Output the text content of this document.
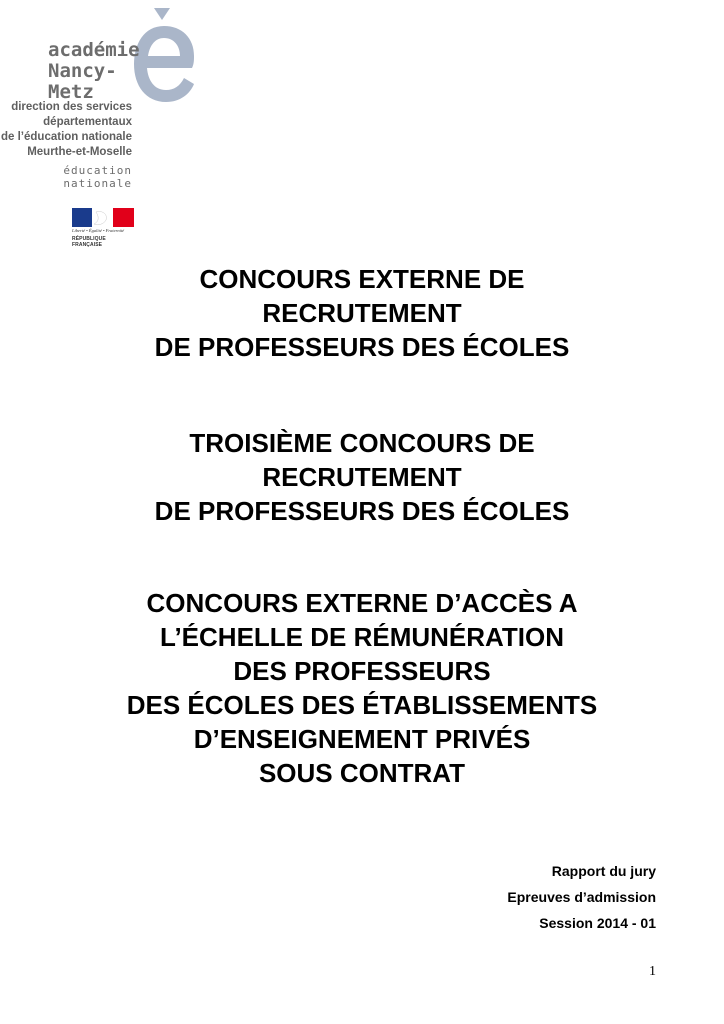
académie
Nancy-Metz
direction des services
départementaux
de l’éducation nationale
Meurthe-et-Moselle
éducation
nationale
Liberté • Égalité • Fraternité
RÉPUBLIQUE FRANÇAISE
CONCOURS EXTERNE DE
RECRUTEMENT
DE PROFESSEURS DES ÉCOLES
TROISIÈME CONCOURS DE
RECRUTEMENT
DE PROFESSEURS DES ÉCOLES
CONCOURS EXTERNE D’ACCÈS A
L’ÉCHELLE DE RÉMUNÉRATION
DES PROFESSEURS
DES ÉCOLES DES ÉTABLISSEMENTS
D’ENSEIGNEMENT PRIVÉS
SOUS CONTRAT
Rapport du jury
Epreuves d’admission
Session 2014 - 01
1
